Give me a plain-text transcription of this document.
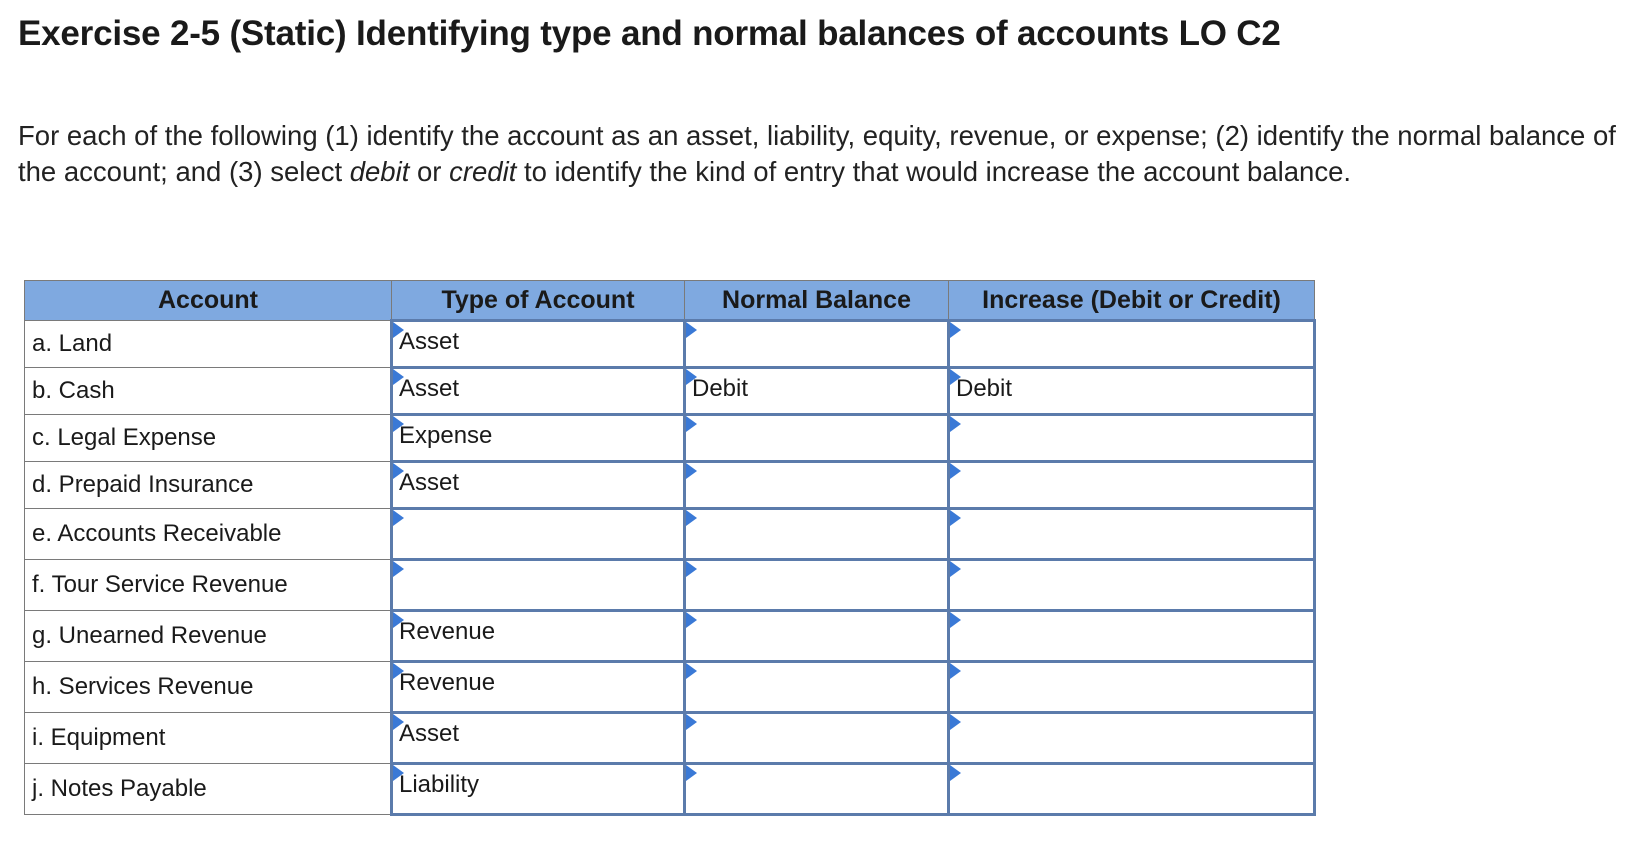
Exercise 2-5 (Static) Identifying type and normal balances of accounts LO C2

For each of the following (1) identify the account as an asset, liability, equity, revenue, or expense; (2) identify the normal balance of the account; and (3) select debit or credit to identify the kind of entry that would increase the account balance.

Account	Type of Account	Normal Balance	Increase (Debit or Credit)
a. Land	Asset		

b. Cash	Asset	Debit	Debit

c. Legal Expense	Expense		

d. Prepaid Insurance	Asset		

e. Accounts Receivable	

f. Tour Service Revenue	

g. Unearned Revenue	Revenue		

h. Services Revenue	Revenue		

i. Equipment	Asset		

j. Notes Payable	Liability		
